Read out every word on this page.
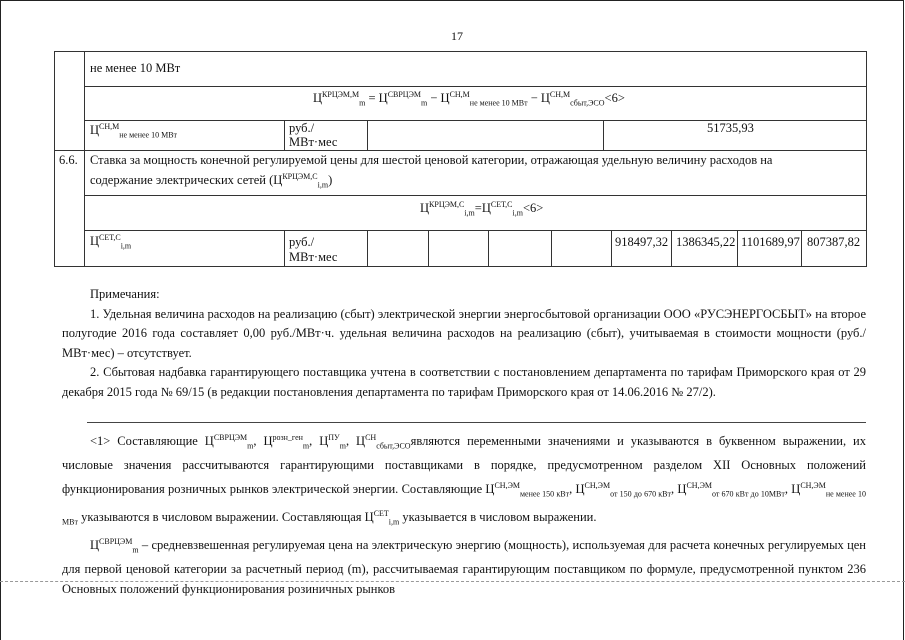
17
не менее 10 МВт
$Ц^{КРЦЭМ,М}_m = Ц^{СВРЦЭМ}_m - Ц^{СН,М}_{не менее 10 МВт} - Ц^{СН,М}_{сбыт,ЭСО}<6>$
$Ц^{СН,М}_{не менее 10 МВт}$
руб./
МВт·мес
51735,93
6.6. Ставка за мощность конечной регулируемой цены для шестой ценовой категории, отражающая удельную величину расходов на
содержание электрических сетей $(Ц^{КРЦЭМ,С}_{i,m})$
$Ц^{КРЦЭМ,С}_{i,m}=Ц^{СЕТ,С}_{i,m}<6>$
$Ц^{СЕТ,С}_{i,m}$	руб./
МВт·мес
918497,32 1386345,22 1101689,97 807387,82

Примечания:

1. Удельная величина расходов на реализацию (сбыт) электрической энергии энергосбытовой организации ООО «РУСЭНЕРГОСБЫТ» на второе полугодие 2016 года составляет 0,00 руб./МВт·ч. удельная величина расходов на реализацию (сбыт), учитываемая в стоимости мощности (руб./МВт·мес) – отсутствует.

2. Сбытовая надбавка гарантирующего поставщика учтена в соответствии с постановлением департамента по тарифам Приморского края от 29 декабря 2015 года № 69/15 (в редакции постановления департамента по тарифам Приморского края от 14.06.2016 № 27/2).

<1> Составляющие $Ц^{СВРЦЭМ}_m$, $Ц^{розн\_ген}_m$, $Ц^{ПУ}_m$, $Ц^{СН}_{сбыт,ЭСО}являются$ переменными значениями и указываются в буквенном выражении, их числовые значения рассчитываются гарантирующими поставщиками в порядке, предусмотренном разделом XII Основных положений функционирования розничных рынков электрической энергии. Составляющие $Ц^{СН,ЭМ}_{менее 150 кВт}$, $Ц^{СН,ЭМ}_{от 150 до 670 кВт}$, $Ц^{СН,ЭМ}_{от 670 кВт до 10МВт}$, $Ц^{СН,ЭМ}_{не менее 10 МВт}$ указываются в числовом выражении. Составляющая $Ц^{СЕТ}_{i,m}$ указывается в числовом выражении.

$Ц^{СВРЦЭМ}_m$ – средневзвешенная регулируемая цена на электрическую энергию (мощность), используемая для расчета конечных регулируемых цен для первой ценовой категории за расчетный период (m), рассчитываемая гарантирующим поставщиком по формуле, предусмотренной пунктом 236 Основных положений функционирования розиничных рынков
